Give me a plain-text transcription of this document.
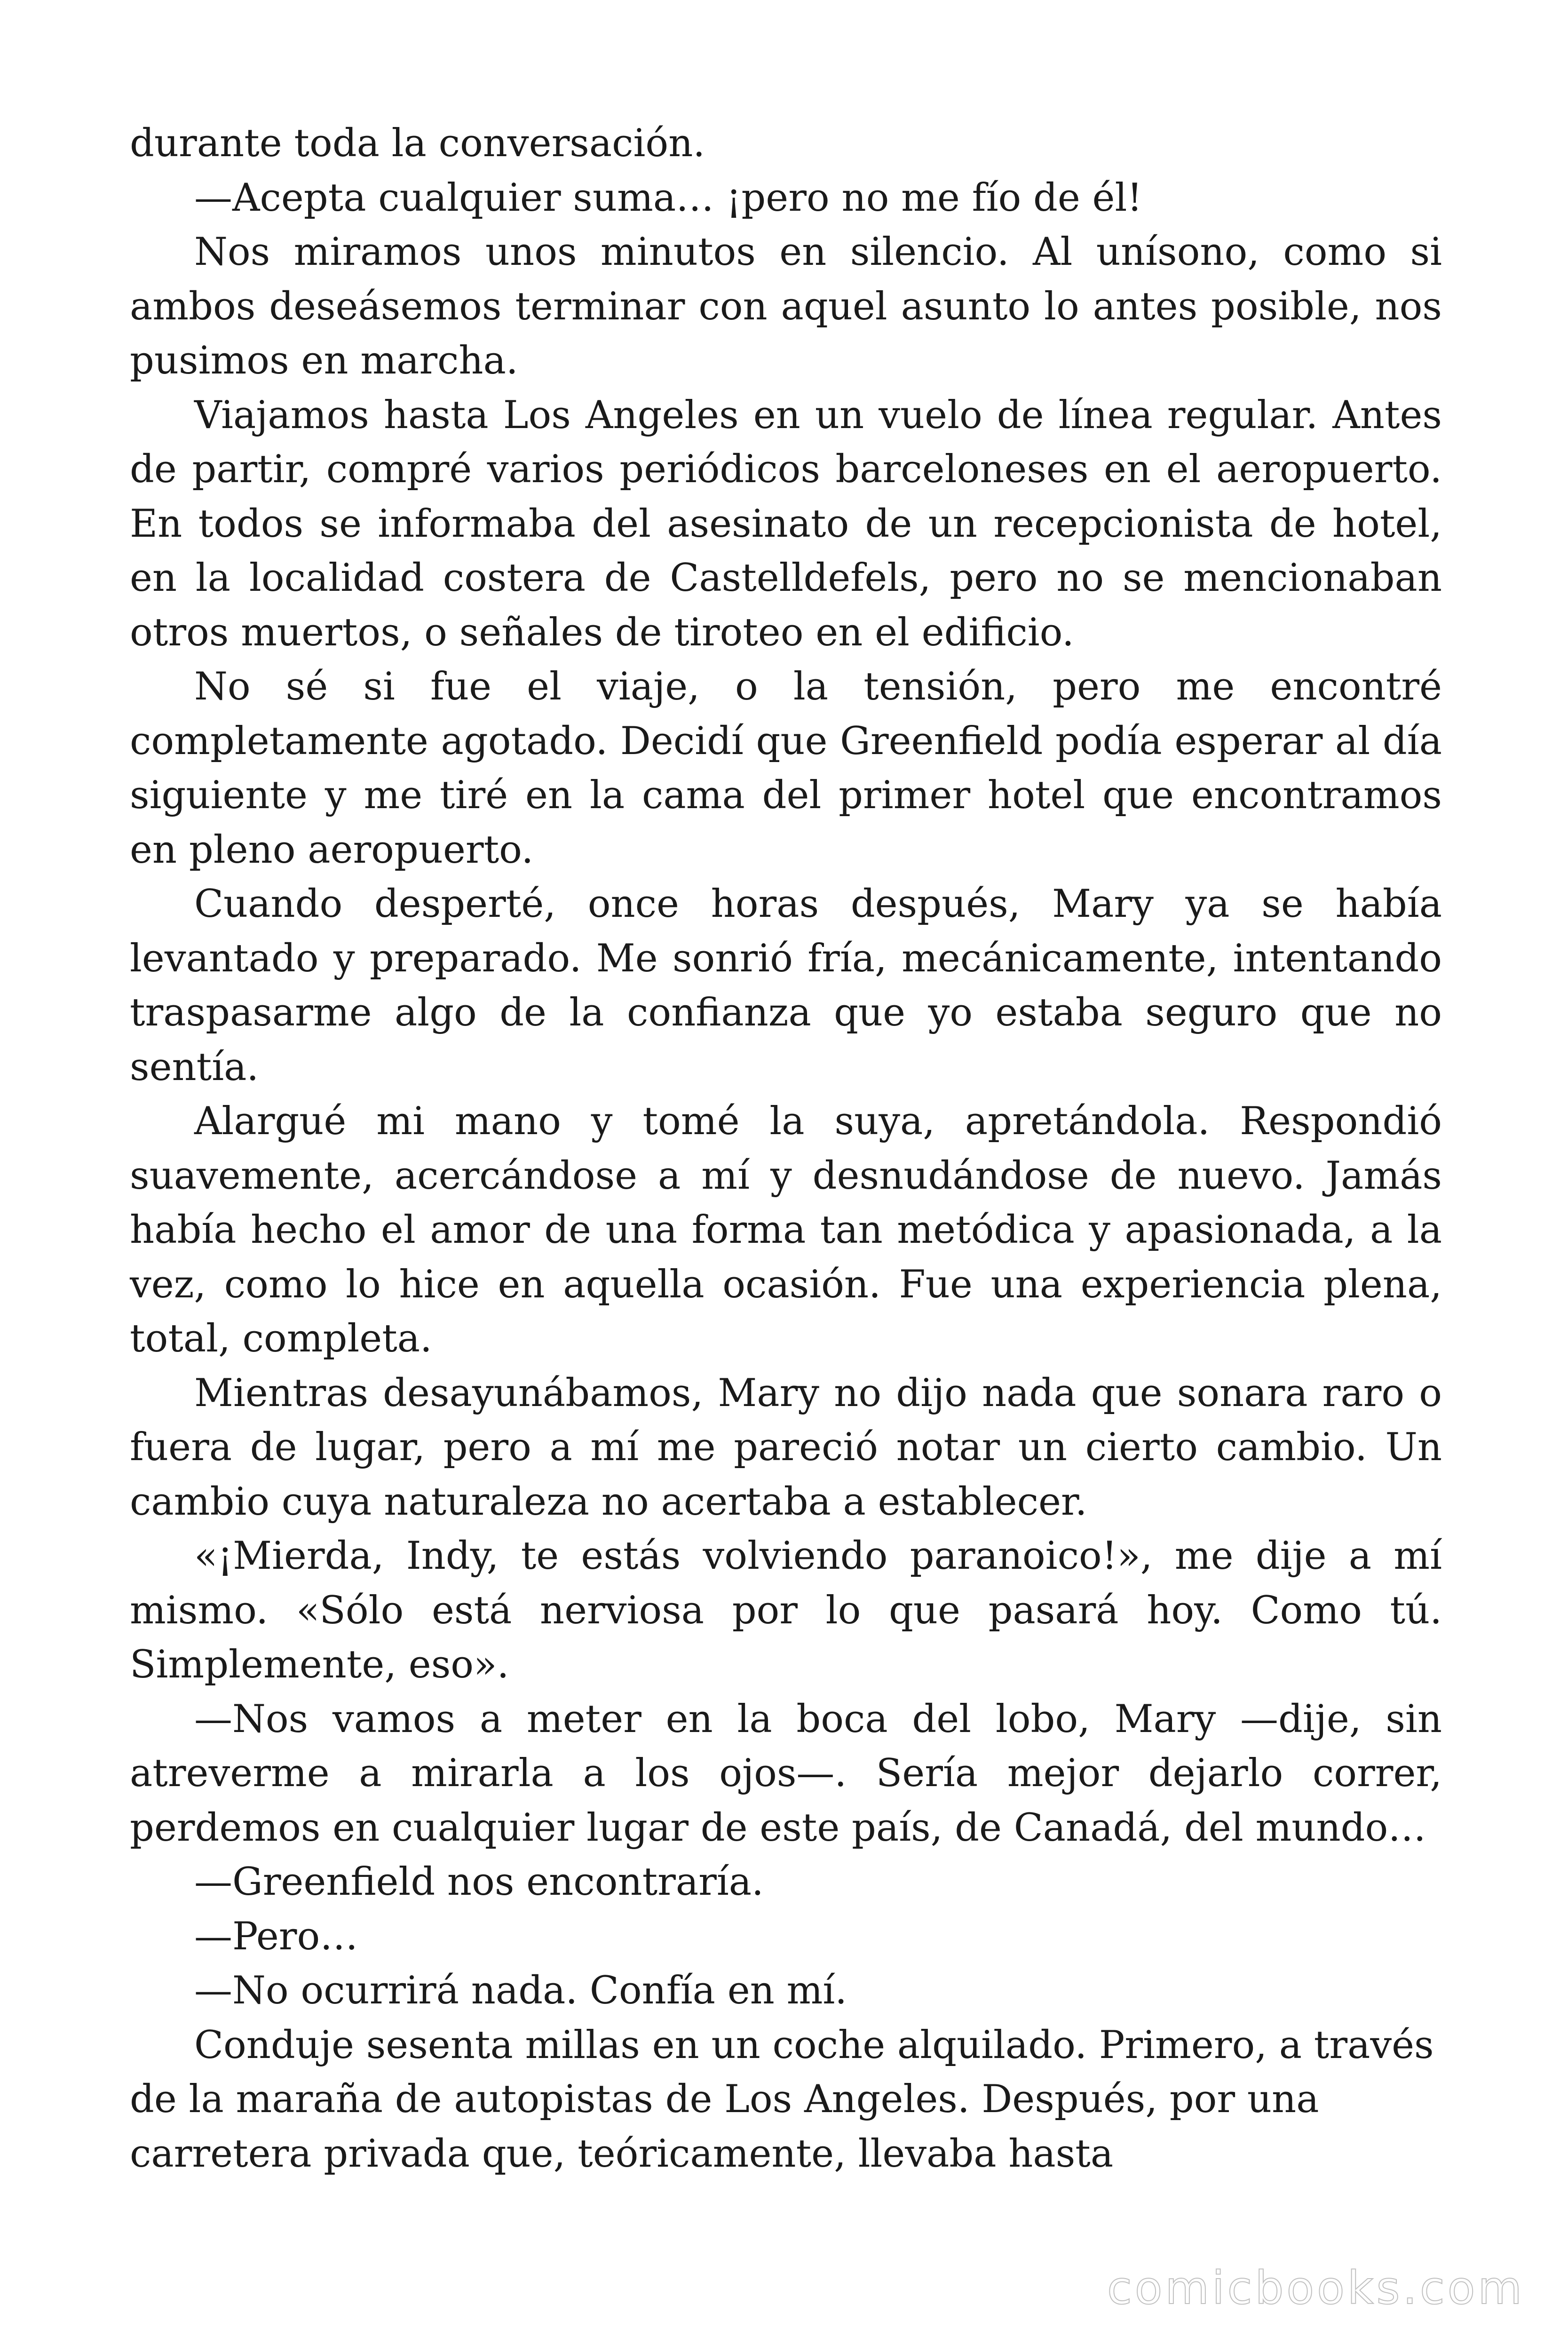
durante toda la conversación.

—Acepta cualquier suma… ¡pero no me fío de él!

Nos miramos unos minutos en silencio. Al unísono, como si ambos deseásemos terminar con aquel asunto lo antes posible, nos pusimos en marcha.

Viajamos hasta Los Angeles en un vuelo de línea regular. Antes de partir, compré varios periódicos barceloneses en el aeropuerto. En todos se informaba del asesinato de un recepcionista de hotel, en la localidad costera de Castelldefels, pero no se mencionaban otros muertos, o señales de tiroteo en el edificio.

No sé si fue el viaje, o la tensión, pero me encontré completamente agotado. Decidí que Greenfield podía esperar al día siguiente y me tiré en la cama del primer hotel que encontramos en pleno aeropuerto.

Cuando desperté, once horas después, Mary ya se había levantado y preparado. Me sonrió fría, mecánicamente, intentando traspasarme algo de la confianza que yo estaba seguro que no sentía.

Alargué mi mano y tomé la suya, apretándola. Respondió suavemente, acercándose a mí y desnudándose de nuevo. Jamás había hecho el amor de una forma tan metódica y apasionada, a la vez, como lo hice en aquella ocasión. Fue una experiencia plena, total, completa.

Mientras desayunábamos, Mary no dijo nada que sonara raro o fuera de lugar, pero a mí me pareció notar un cierto cambio. Un cambio cuya naturaleza no acertaba a establecer.

«¡Mierda, Indy, te estás volviendo paranoico!», me dije a mí mismo. «Sólo está nerviosa por lo que pasará hoy. Como tú. Simplemente, eso».

—Nos vamos a meter en la boca del lobo, Mary —dije, sin atreverme a mirarla a los ojos—. Sería mejor dejarlo correr, perdemos en cualquier lugar de este país, de Canadá, del mundo…

—Greenfield nos encontraría.

—Pero…

—No ocurrirá nada. Confía en mí.

Conduje sesenta millas en un coche alquilado. Primero, a través de la maraña de autopistas de Los Angeles. Después, por una carretera privada que, teóricamente, llevaba hasta

comicbooks.com
